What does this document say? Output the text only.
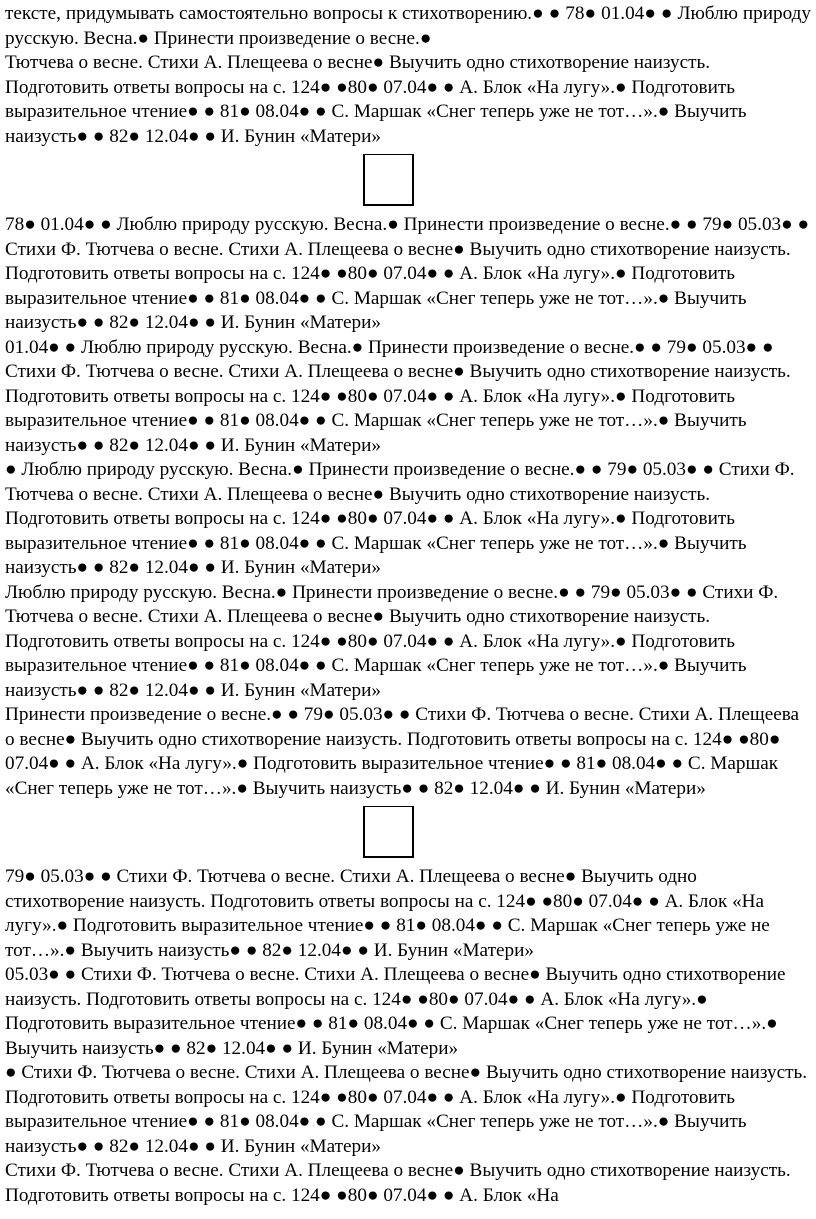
тексте, придумывать самостоятельно вопросы к стихотворению.● ● 78● 01.04● ● Люблю природу русскую. Весна.● Принести произведение о весне.●

Тютчева о весне. Стихи А. Плещеева о весне● Выучить одно стихотворение наизусть.

Подготовить ответы вопросы на с. 124● ●80● 07.04● ● А. Блок «На лугу».● Подготовить выразительное чтение● ● 81● 08.04● ● С. Маршак «Снег теперь уже не тот…».● Выучить наизусть● ● 82● 12.04● ● И. Бунин «Матери»

78● 01.04● ● Люблю природу русскую. Весна.● Принести произведение о весне.● ● 79● 05.03● ● Стихи Ф. Тютчева о весне. Стихи А. Плещеева о весне● Выучить одно стихотворение наизусть. Подготовить ответы вопросы на с. 124● ●80● 07.04● ● А. Блок «На лугу».● Подготовить выразительное чтение● ● 81● 08.04● ● С. Маршак «Снег теперь уже не тот…».● Выучить наизусть● ● 82● 12.04● ● И. Бунин «Матери»

01.04● ● Люблю природу русскую. Весна.● Принести произведение о весне.● ● 79● 05.03● ● Стихи Ф. Тютчева о весне. Стихи А. Плещеева о весне● Выучить одно стихотворение наизусть. Подготовить ответы вопросы на с. 124● ●80● 07.04● ● А. Блок «На лугу».● Подготовить выразительное чтение● ● 81● 08.04● ● С. Маршак «Снег теперь уже не тот…».● Выучить наизусть● ● 82● 12.04● ● И. Бунин «Матери»

● Люблю природу русскую. Весна.● Принести произведение о весне.● ● 79● 05.03● ● Стихи Ф. Тютчева о весне. Стихи А. Плещеева о весне● Выучить одно стихотворение наизусть. Подготовить ответы вопросы на с. 124● ●80● 07.04● ● А. Блок «На лугу».● Подготовить выразительное чтение● ● 81● 08.04● ● С. Маршак «Снег теперь уже не тот…».● Выучить наизусть● ● 82● 12.04● ● И. Бунин «Матери»

Люблю природу русскую. Весна.● Принести произведение о весне.● ● 79● 05.03● ● Стихи Ф. Тютчева о весне. Стихи А. Плещеева о весне● Выучить одно стихотворение наизусть. Подготовить ответы вопросы на с. 124● ●80● 07.04● ● А. Блок «На лугу».● Подготовить выразительное чтение● ● 81● 08.04● ● С. Маршак «Снег теперь уже не тот…».● Выучить наизусть● ● 82● 12.04● ● И. Бунин «Матери»

Принести произведение о весне.● ● 79● 05.03● ● Стихи Ф. Тютчева о весне. Стихи А. Плещеева о весне● Выучить одно стихотворение наизусть. Подготовить ответы вопросы на с. 124● ●80● 07.04● ● А. Блок «На лугу».● Подготовить выразительное чтение● ● 81● 08.04● ● С. Маршак «Снег теперь уже не тот…».● Выучить наизусть● ● 82● 12.04● ● И. Бунин «Матери»

79● 05.03● ● Стихи Ф. Тютчева о весне. Стихи А. Плещеева о весне● Выучить одно стихотворение наизусть. Подготовить ответы вопросы на с. 124● ●80● 07.04● ● А. Блок «На лугу».● Подготовить выразительное чтение● ● 81● 08.04● ● С. Маршак «Снег теперь уже не тот…».● Выучить наизусть● ● 82● 12.04● ● И. Бунин «Матери»

05.03● ● Стихи Ф. Тютчева о весне. Стихи А. Плещеева о весне● Выучить одно стихотворение наизусть. Подготовить ответы вопросы на с. 124● ●80● 07.04● ● А. Блок «На лугу».● Подготовить выразительное чтение● ● 81● 08.04● ● С. Маршак «Снег теперь уже не тот…».● Выучить наизусть● ● 82● 12.04● ● И. Бунин «Матери»

● Стихи Ф. Тютчева о весне. Стихи А. Плещеева о весне● Выучить одно стихотворение наизусть. Подготовить ответы вопросы на с. 124● ●80● 07.04● ● А. Блок «На лугу».● Подготовить выразительное чтение● ● 81● 08.04● ● С. Маршак «Снег теперь уже не тот…».● Выучить наизусть● ● 82● 12.04● ● И. Бунин «Матери»

Стихи Ф. Тютчева о весне. Стихи А. Плещеева о весне● Выучить одно стихотворение наизусть. Подготовить ответы вопросы на с. 124● ●80● 07.04● ● А. Блок «На
